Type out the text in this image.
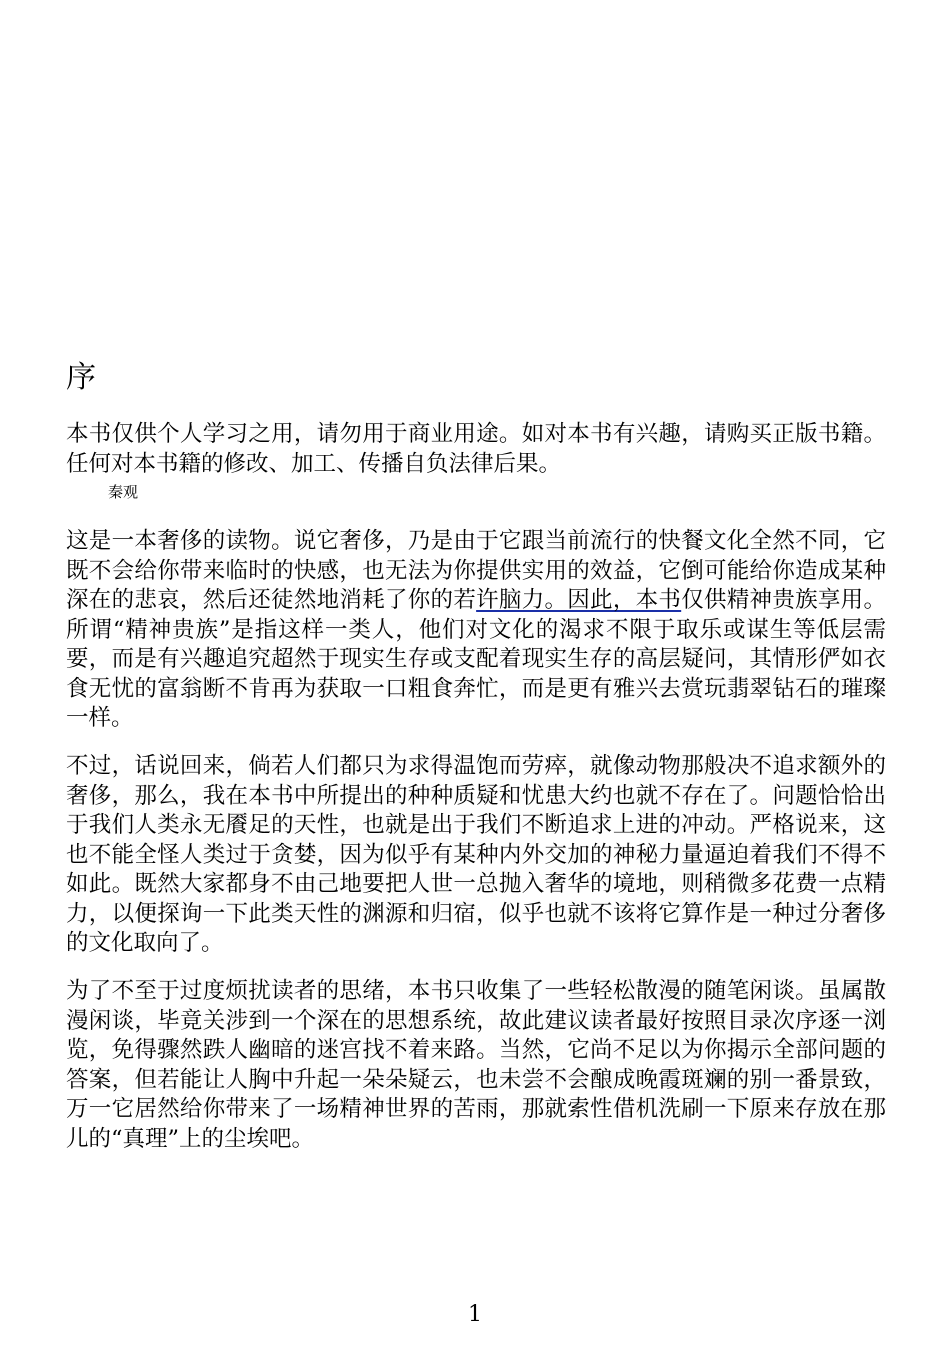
序

本书仅供个人学习之用，请勿用于商业用途。如对本书有兴趣，请购买正版书籍。任何对本书籍的修改、加工、传播自负法律后果。

秦观

这是一本奢侈的读物。说它奢侈，乃是由于它跟当前流行的快餐文化全然不同，它既不会给你带来临时的快感，也无法为你提供实用的效益，它倒可能给你造成某种深在的悲哀，然后还徒然地消耗了你的若许脑力。因此，本书仅供精神贵族享用。所谓“精神贵族”是指这样一类人，他们对文化的渴求不限于取乐或谋生等低层需要，而是有兴趣追究超然于现实生存或支配着现实生存的高层疑问，其情形俨如衣食无忧的富翁断不肯再为获取一口粗食奔忙，而是更有雅兴去赏玩翡翠钻石的璀璨一样。

不过，话说回来，倘若人们都只为求得温饱而劳瘁，就像动物那般决不追求额外的奢侈，那么，我在本书中所提出的种种质疑和忧患大约也就不存在了。问题恰恰出于我们人类永无餍足的天性，也就是出于我们不断追求上进的冲动。严格说来，这也不能全怪人类过于贪婪，因为似乎有某种内外交加的神秘力量逼迫着我们不得不如此。既然大家都身不由己地要把人世一总抛入奢华的境地，则稍微多花费一点精力，以便探询一下此类天性的渊源和归宿，似乎也就不该将它算作是一种过分奢侈的文化取向了。

为了不至于过度烦扰读者的思绪，本书只收集了一些轻松散漫的随笔闲谈。虽属散漫闲谈，毕竟关涉到一个深在的思想系统，故此建议读者最好按照目录次序逐一浏览，免得骤然跌人幽暗的迷宫找不着来路。当然，它尚不足以为你揭示全部问题的答案，但若能让人胸中升起一朵朵疑云，也未尝不会酿成晚霞斑斓的别一番景致，万一它居然给你带来了一场精神世界的苦雨，那就索性借机洗刷一下原来存放在那儿的“真理”上的尘埃吧。

1
